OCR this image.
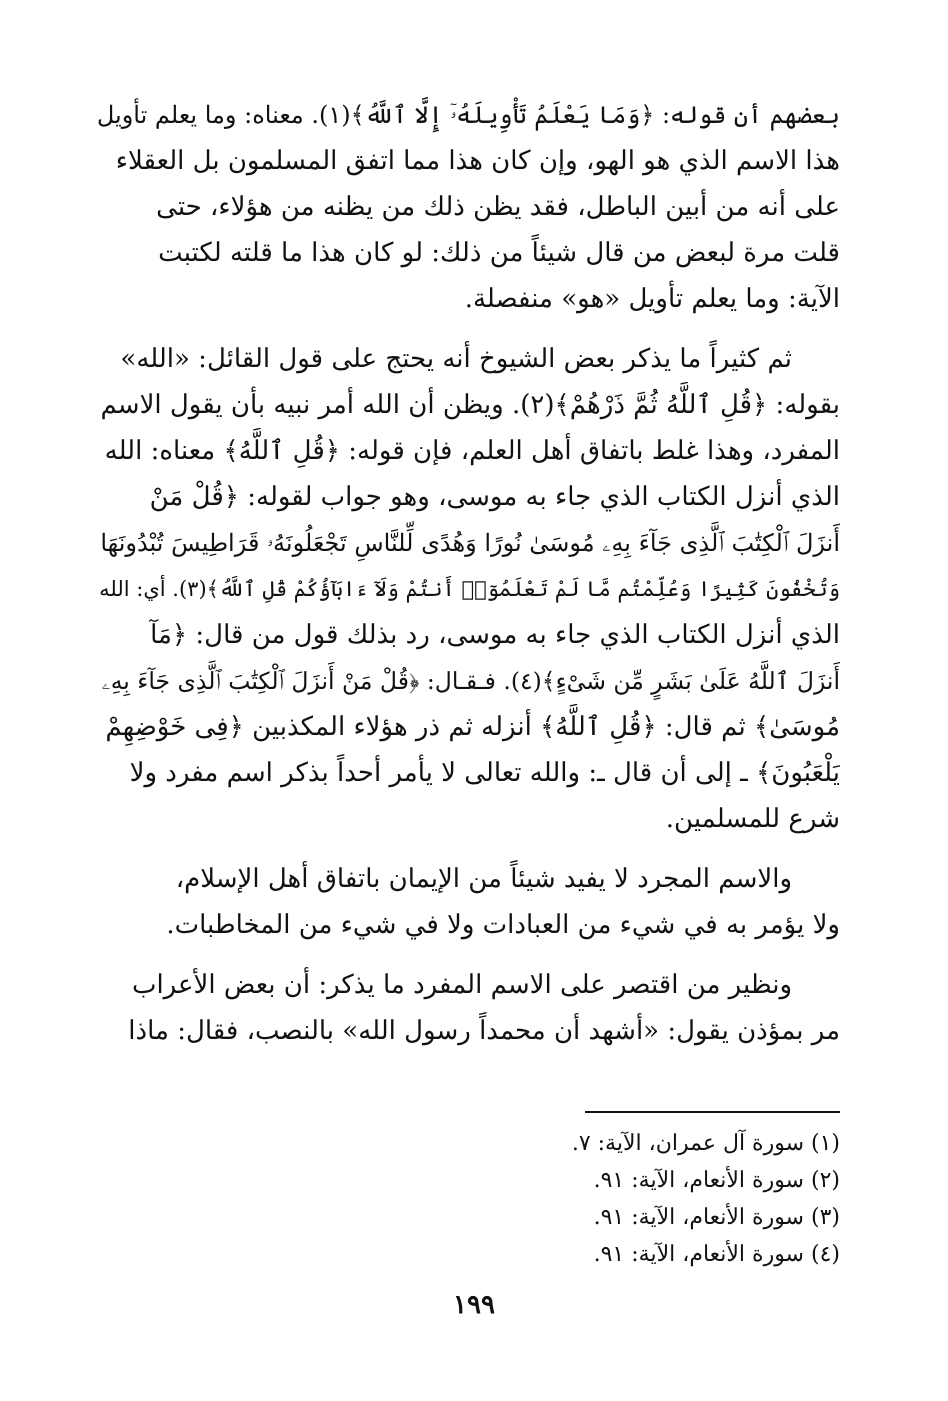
بعضهم أن قوله: ﴿وَمَا يَعْلَمُ تَأْوِيلَهُۥٓ إِلَّا ٱللَّهُ﴾(١). معناه: وما يعلم تأويل
هذا الاسم الذي هو الهو، وإن كان هذا مما اتفق المسلمون بل العقلاء
على أنه من أبين الباطل، فقد يظن ذلك من يظنه من هؤلاء، حتى
قلت مرة لبعض من قال شيئاً من ذلك: لو كان هذا ما قلته لكتبت
الآية: وما يعلم تأويل «هو» منفصلة.
ثم كثيراً ما يذكر بعض الشيوخ أنه يحتج على قول القائل: «الله»
بقوله: ﴿قُلِ ٱللَّهُ ثُمَّ ذَرْهُمْ﴾(٢). ويظن أن الله أمر نبيه بأن يقول الاسم
المفرد، وهذا غلط باتفاق أهل العلم، فإن قوله: ﴿قُلِ ٱللَّهُ﴾ معناه: الله
الذي أنزل الكتاب الذي جاء به موسى، وهو جواب لقوله: ﴿قُلْ مَنْ
أَنزَلَ ٱلْكِتَٰبَ ٱلَّذِى جَآءَ بِهِۦ مُوسَىٰ نُورًا وَهُدًى لِّلنَّاسِ تَجْعَلُونَهُۥ قَرَاطِيسَ تُبْدُونَهَا
وَتُخْفُونَ كَثِيرًا وَعُلِّمْتُم مَّا لَمْ تَعْلَمُوٓا۟ أَنتُمْ وَلَآ ءَابَآؤُكُمْ قُلِ ٱللَّهُ﴾(٣). أي: الله
الذي أنزل الكتاب الذي جاء به موسى، رد بذلك قول من قال: ﴿مَآ
أَنزَلَ ٱللَّهُ عَلَىٰ بَشَرٍ مِّن شَىْءٍ﴾(٤). فـقـال: ﴿قُلْ مَنْ أَنزَلَ ٱلْكِتَٰبَ ٱلَّذِى جَآءَ بِهِۦ
مُوسَىٰ﴾ ثم قال: ﴿قُلِ ٱللَّهُ﴾ أنزله ثم ذر هؤلاء المكذبين ﴿فِى خَوْضِهِمْ
يَلْعَبُونَ﴾ ـ إلى أن قال ـ: والله تعالى لا يأمر أحداً بذكر اسم مفرد ولا
شرع للمسلمين.
والاسم المجرد لا يفيد شيئاً من الإيمان باتفاق أهل الإسلام،
ولا يؤمر به في شيء من العبادات ولا في شيء من المخاطبات.
ونظير من اقتصر على الاسم المفرد ما يذكر: أن بعض الأعراب
مر بمؤذن يقول: «أشهد أن محمداً رسول الله» بالنصب، فقال: ماذا
(١) سورة آل عمران، الآية: ٧.
(٢) سورة الأنعام، الآية: ٩١.
(٣) سورة الأنعام، الآية: ٩١.
(٤) سورة الأنعام، الآية: ٩١.
١٩٩
